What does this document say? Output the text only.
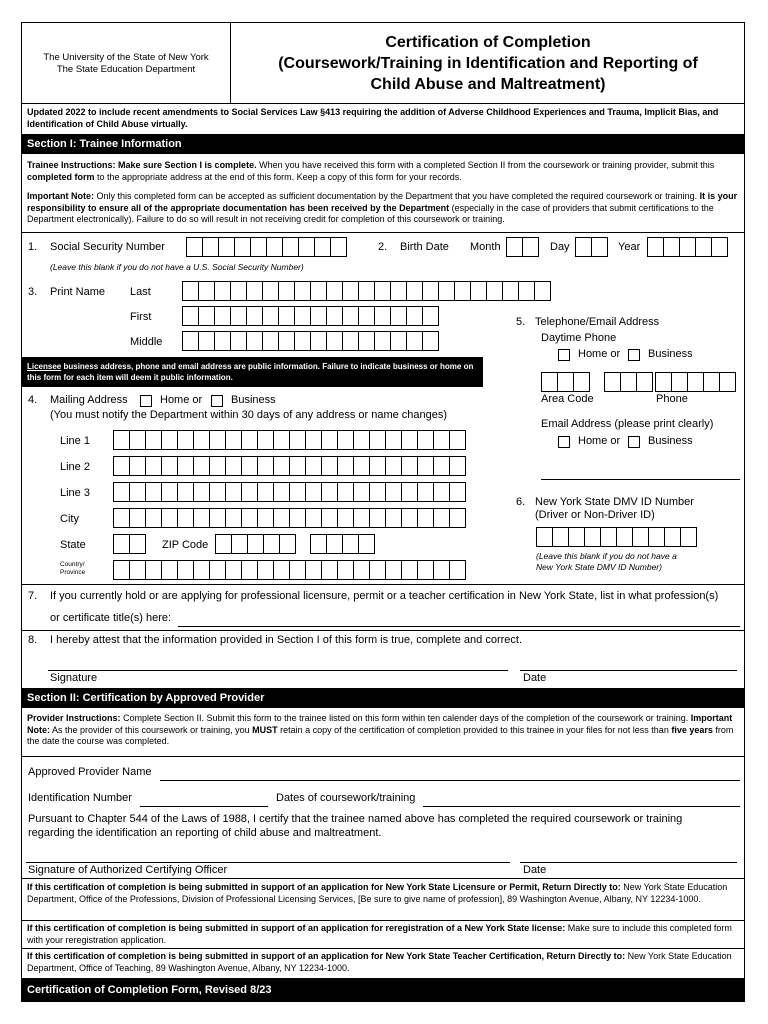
The University of the State of New York
The State Education Department
Certification of Completion
(Coursework/Training in Identification and Reporting of
Child Abuse and Maltreatment)
Updated 2022 to include recent amendments to Social Services Law §413 requiring the addition of Adverse Childhood Experiences and Trauma, Implicit Bias, and Identification of Child Abuse virtually.
Section I: Trainee Information
Trainee Instructions: Make sure Section I is complete. When you have received this form with a completed Section II from the coursework or training provider, submit this completed form to the appropriate address at the end of this form. Keep a copy of this form for your records.
Important Note: Only this completed form can be accepted as sufficient documentation by the Department that you have completed the required coursework or training. It is your responsibility to ensure all of the appropriate documentation has been received by the Department (especially in the case of providers that submit certifications to the Department electronically). Failure to do so will result in not receiving credit for completion of this coursework or training.
1. Social Security Number
(Leave this blank if you do not have a U.S. Social Security Number)
2. Birth Date Month	Day	Year
3. Print Name Last
First
Middle
Licensee business address, phone and email address are public information. Failure to indicate business or home on this form for each item will deem it public information.
4. Mailing Address	Home or	Business
(You must notify the Department within 30 days of any address or name changes)
Line 1
Line 2
Line 3
City
State	ZIP Code
Country/
Province
5. Telephone/Email Address
Daytime Phone
Home or	Business
Area Code	Phone
Email Address (please print clearly)
Home or	Business
6. New York State DMV ID Number
(Driver or Non-Driver ID)
(Leave this blank if you do not have a
New York State DMV ID Number)
7. If you currently hold or are applying for professional licensure, permit or a teacher certification in New York State, list in what profession(s)
or certificate title(s) here:
8. I hereby attest that the information provided in Section I of this form is true, complete and correct.
Signature	Date
Section II: Certification by Approved Provider
Provider Instructions: Complete Section II. Submit this form to the trainee listed on this form within ten calender days of the completion of the coursework or training. Important Note: As the provider of this coursework or training, you MUST retain a copy of the certification of completion provided to this trainee in your files for not less than five years from the date the course was completed.
Approved Provider Name
Identification Number	Dates of coursework/training
Pursuant to Chapter 544 of the Laws of 1988, I certify that the trainee named above has completed the required coursework or training regarding the identification an reporting of child abuse and maltreatment.
Signature of Authorized Certifying Officer	Date
If this certification of completion is being submitted in support of an application for New York State Licensure or Permit, Return Directly to: New York State Education Department, Office of the Professions, Division of Professional Licensing Services, [Be sure to give name of profession], 89 Washington Avenue, Albany, NY 12234-1000.
If this certification of completion is being submitted in support of an application for reregistration of a New York State license: Make sure to include this completed form with your reregistration application.
If this certification of completion is being submitted in support of an application for New York State Teacher Certification, Return Directly to: New York State Education Department, Office of Teaching, 89 Washington Avenue, Albany, NY 12234-1000.
Certification of Completion Form, Revised 8/23
